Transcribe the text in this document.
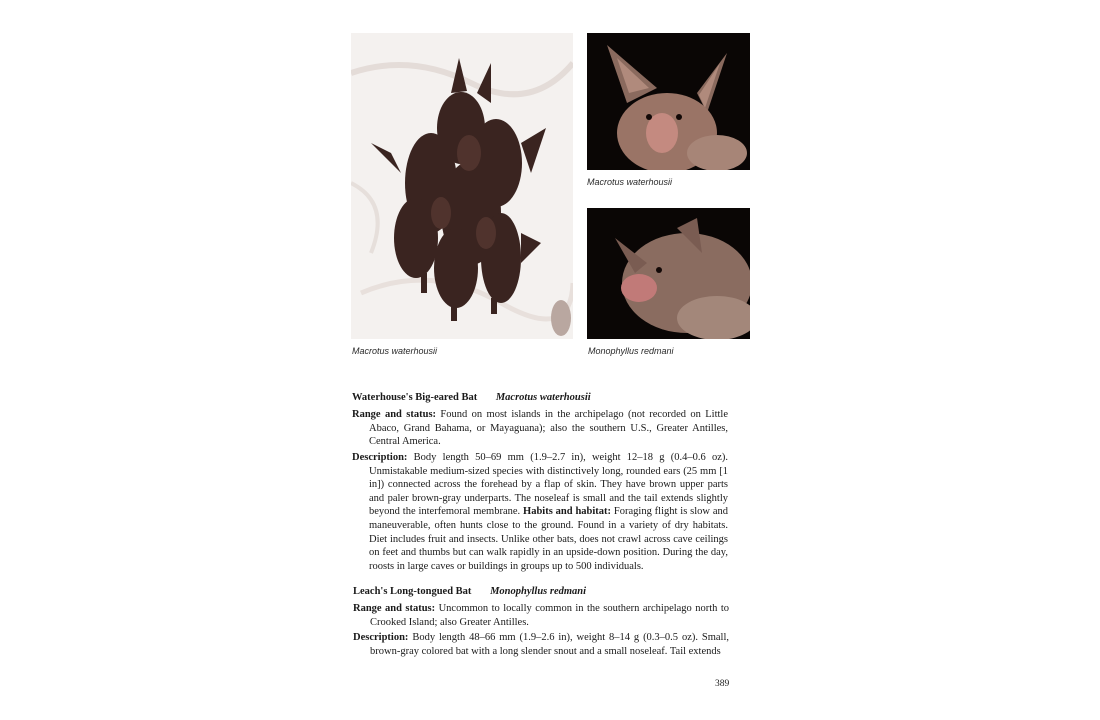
Macrotus waterhousii
Macrotus waterhousii	Monophyllus redmani
Waterhouse's Big-eared Bat Macrotus waterhousii
Range and status: Found on most islands in the archipelago (not recorded on Little Abaco, Grand Bahama, or Mayaguana); also the southern U.S., Greater Antilles, Central America.
Description: Body length 50–69 mm (1.9–2.7 in), weight 12–18 g (0.4–0.6 oz). Unmistakable medium-sized species with distinctively long, rounded ears (25 mm [1 in]) connected across the forehead by a flap of skin. They have brown upper parts and paler brown-gray underparts. The noseleaf is small and the tail extends slightly beyond the interfemoral membrane. Habits and habitat: Foraging flight is slow and maneuverable, often hunts close to the ground. Found in a variety of dry habitats. Diet includes fruit and insects. Unlike other bats, does not crawl across cave ceilings on feet and thumbs but can walk rapidly in an upside-down position. During the day, roosts in large caves or buildings in groups up to 500 individuals.
Leach's Long-tongued Bat Monophyllus redmani
Range and status: Uncommon to locally common in the southern archipelago north to Crooked Island; also Greater Antilles.
Description: Body length 48–66 mm (1.9–2.6 in), weight 8–14 g (0.3–0.5 oz). Small, brown-gray colored bat with a long slender snout and a small noseleaf. Tail extends
389
